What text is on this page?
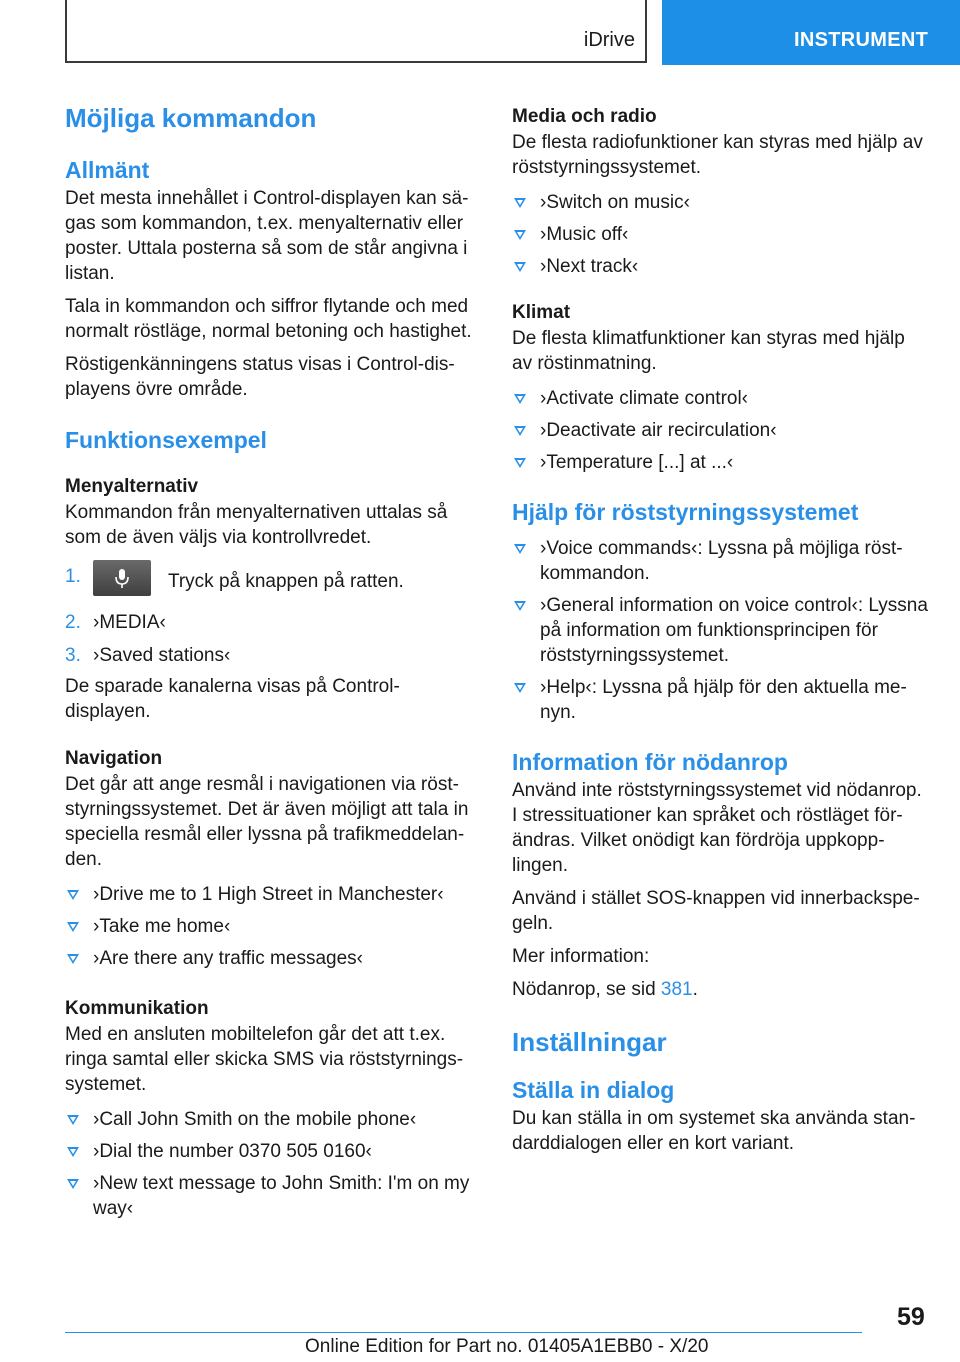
iDrive	INSTRUMENT
Möjliga kommandon
Allmänt

Det mesta innehållet i Control-displayen kan sägas som kommandon, t.ex. menyalternativ eller poster. Uttala posterna så som de står angivna i listan.

Tala in kommandon och siffror flytande och med normalt röstläge, normal betoning och hastighet.

Röstigenkänningens status visas i Control-displayens övre område.

Funktionsexempel
Menyalternativ

Kommandon från menyalternativen uttalas så som de även väljs via kontrollvredet.

1.	Tryck på knappen på ratten.
2. ›MEDIA‹
3. ›Saved stations‹

De sparade kanalerna visas på Control-displayen.

Navigation

Det går att ange resmål i navigationen via röststyrningssystemet. Det är även möjligt att tala in speciella resmål eller lyssna på trafikmeddelanden.

›Drive me to 1 High Street in Manchester‹
›Take me home‹
›Are there any traffic messages‹
Kommunikation

Med en ansluten mobiltelefon går det att t.ex. ringa samtal eller skicka SMS via röststyrningssystemet.

›Call John Smith on the mobile phone‹
›Dial the number 0370 505 0160‹
›New text message to John Smith: I'm on my way‹
Media och radio

De flesta radiofunktioner kan styras med hjälp av röststyrningssystemet.

›Switch on music‹
›Music off‹
›Next track‹
Klimat

De flesta klimatfunktioner kan styras med hjälp av röstinmatning.

›Activate climate control‹
›Deactivate air recirculation‹
›Temperature [...] at ...‹
Hjälp för röststyrningssystemet
›Voice commands‹: Lyssna på möjliga röstkommandon.
›General information on voice control‹: Lyssna på information om funktionsprincipen för röststyrningssystemet.
›Help‹: Lyssna på hjälp för den aktuella menyn.
Information för nödanrop

Använd inte röststyrningssystemet vid nödanrop. I stressituationer kan språket och röstläget förändras. Vilket onödigt kan fördröja uppkopplingen.

Använd i stället SOS-knappen vid innerbackspegeln.

Mer information:

Nödanrop, se sid 381.

Inställningar
Ställa in dialog

Du kan ställa in om systemet ska använda standarddialogen eller en kort variant.

59
Online Edition for Part no. 01405A1EBB0 - X/20
